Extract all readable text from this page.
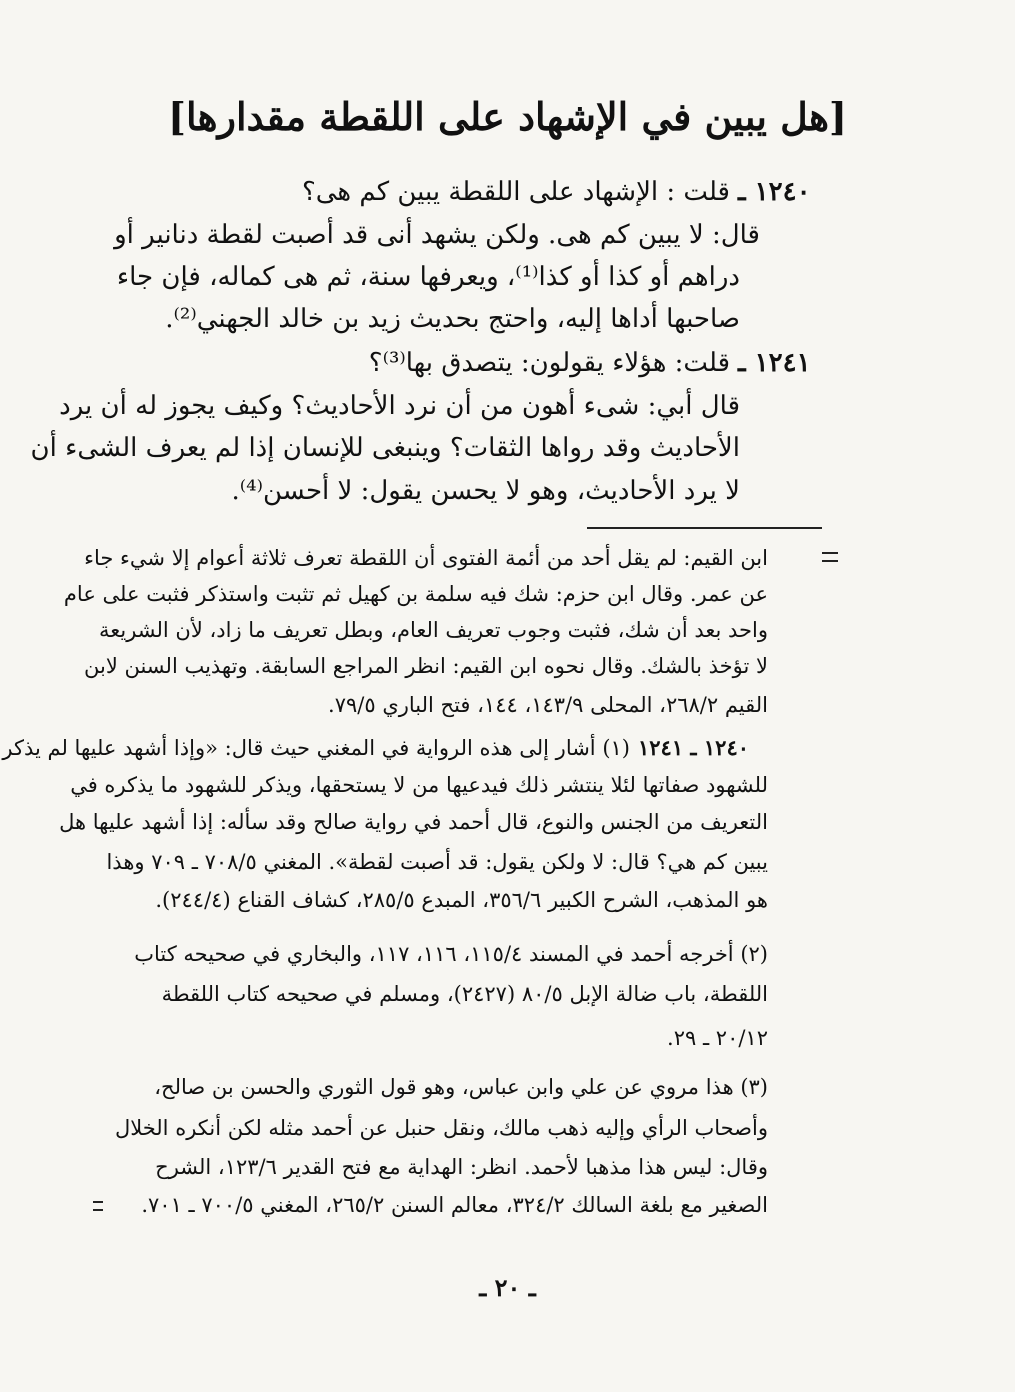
[هل يبين في الإشهاد على اللقطة مقدارها]
١٢٤٠ ـ
قلت : الإشهاد على اللقطة يبين كم هى؟
قال: لا يبين كم هى. ولكن يشهد أنى قد أصبت لقطة دنانير أو
دراهم أو كذا أو كذا⁽¹⁾، ويعرفها سنة، ثم هى كماله، فإن جاء
صاحبها أداها إليه، واحتج بحديث زيد بن خالد الجهني⁽²⁾.
١٢٤١ ـ
قلت: هؤلاء يقولون: يتصدق بها⁽³⁾؟
قال أبي: شىء أهون من أن نرد الأحاديث؟ وكيف يجوز له أن يرد
الأحاديث وقد رواها الثقات؟ وينبغى للإنسان إذا لم يعرف الشىء أن
لا يرد الأحاديث، وهو لا يحسن يقول: لا أحسن⁽⁴⁾.
ابن القيم: لم يقل أحد من أئمة الفتوى أن اللقطة تعرف ثلاثة أعوام إلا شيء جاء
عن عمر. وقال ابن حزم: شك فيه سلمة بن كهيل ثم تثبت واستذكر فثبت على عام
واحد بعد أن شك، فثبت وجوب تعريف العام، وبطل تعريف ما زاد، لأن الشريعة
لا تؤخذ بالشك. وقال نحوه ابن القيم: انظر المراجع السابقة. وتهذيب السنن لابن
القيم ٢٦٨/٢، المحلى ١٤٣/٩، ١٤٤، فتح الباري ٧٩/٥.
١٢٤٠ ـ ١٢٤١
(١) أشار إلى هذه الرواية في المغني حيث قال: «وإذا أشهد عليها لم يذكر
للشهود صفاتها لئلا ينتشر ذلك فيدعيها من لا يستحقها، ويذكر للشهود ما يذكره في
التعريف من الجنس والنوع، قال أحمد في رواية صالح وقد سأله: إذا أشهد عليها هل
يبين كم هي؟ قال: لا ولكن يقول: قد أصبت لقطة». المغني ٧٠٨/٥ ـ ٧٠٩ وهذا
هو المذهب، الشرح الكبير ٣٥٦/٦، المبدع ٢٨٥/٥، كشاف القناع (٢٤٤/٤).
(٢) أخرجه أحمد في المسند ١١٥/٤، ١١٦، ١١٧، والبخاري في صحيحه كتاب
اللقطة، باب ضالة الإبل ٨٠/٥ (٢٤٢٧)، ومسلم في صحيحه كتاب اللقطة
٢٠/١٢ ـ ٢٩.
(٣) هذا مروي عن علي وابن عباس، وهو قول الثوري والحسن بن صالح،
وأصحاب الرأي وإليه ذهب مالك، ونقل حنبل عن أحمد مثله لكن أنكره الخلال
وقال: ليس هذا مذهبا لأحمد. انظر: الهداية مع فتح القدير ١٢٣/٦، الشرح
الصغير مع بلغة السالك ٣٢٤/٢، معالم السنن ٢٦٥/٢، المغني ٧٠٠/٥ ـ ٧٠١.
ـ ٢٠ ـ
